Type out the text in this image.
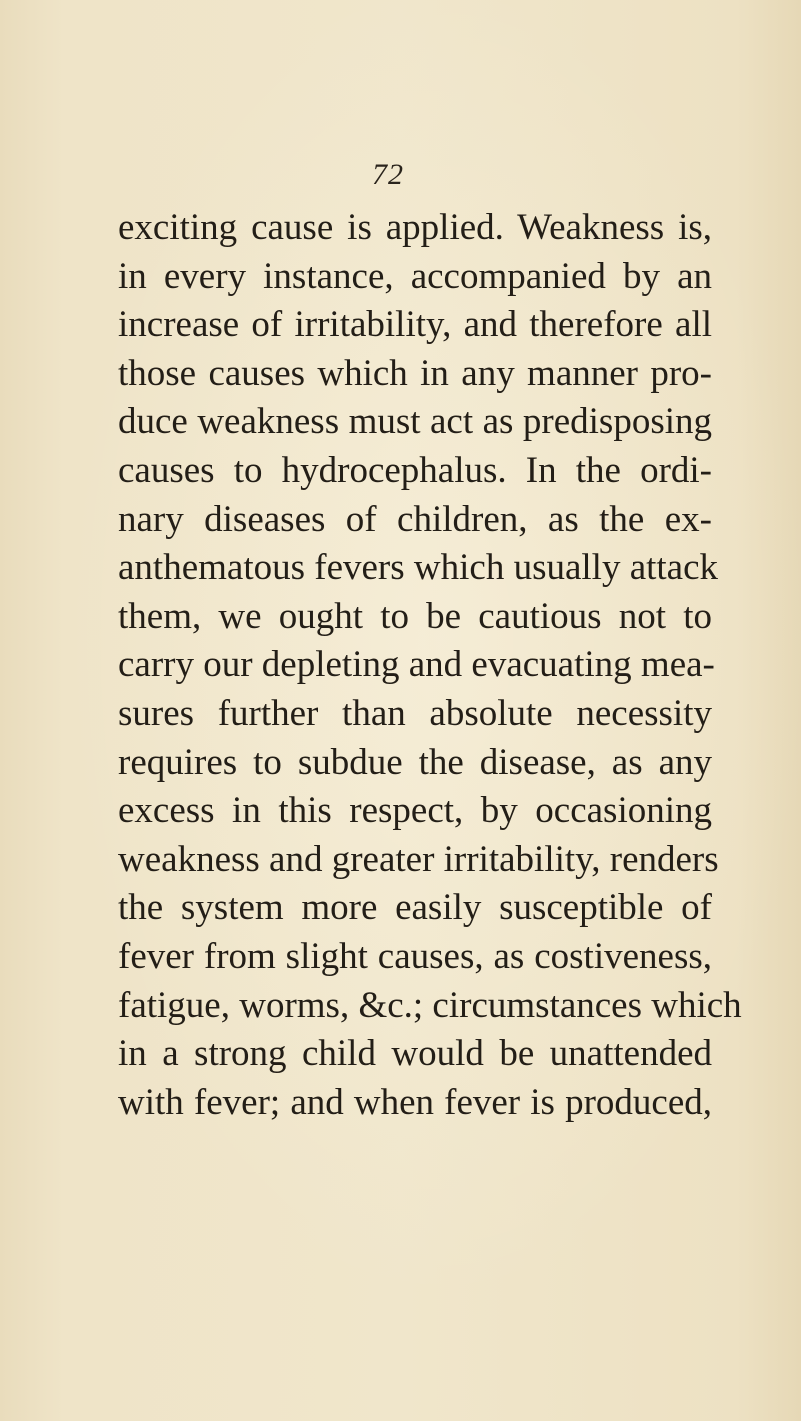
72
exciting cause is applied. Weakness is,
in every instance, accompanied by an
increase of irritability, and therefore all
those causes which in any manner pro-
duce weakness must act as predisposing
causes to hydrocephalus. In the ordi-
nary diseases of children, as the ex-
anthematous fevers which usually attack
them, we ought to be cautious not to
carry our depleting and evacuating mea-
sures further than absolute necessity
requires to subdue the disease, as any
excess in this respect, by occasioning
weakness and greater irritability, renders
the system more easily susceptible of
fever from slight causes, as costiveness,
fatigue, worms, &c.; circumstances which
in a strong child would be unattended
with fever; and when fever is produced,
